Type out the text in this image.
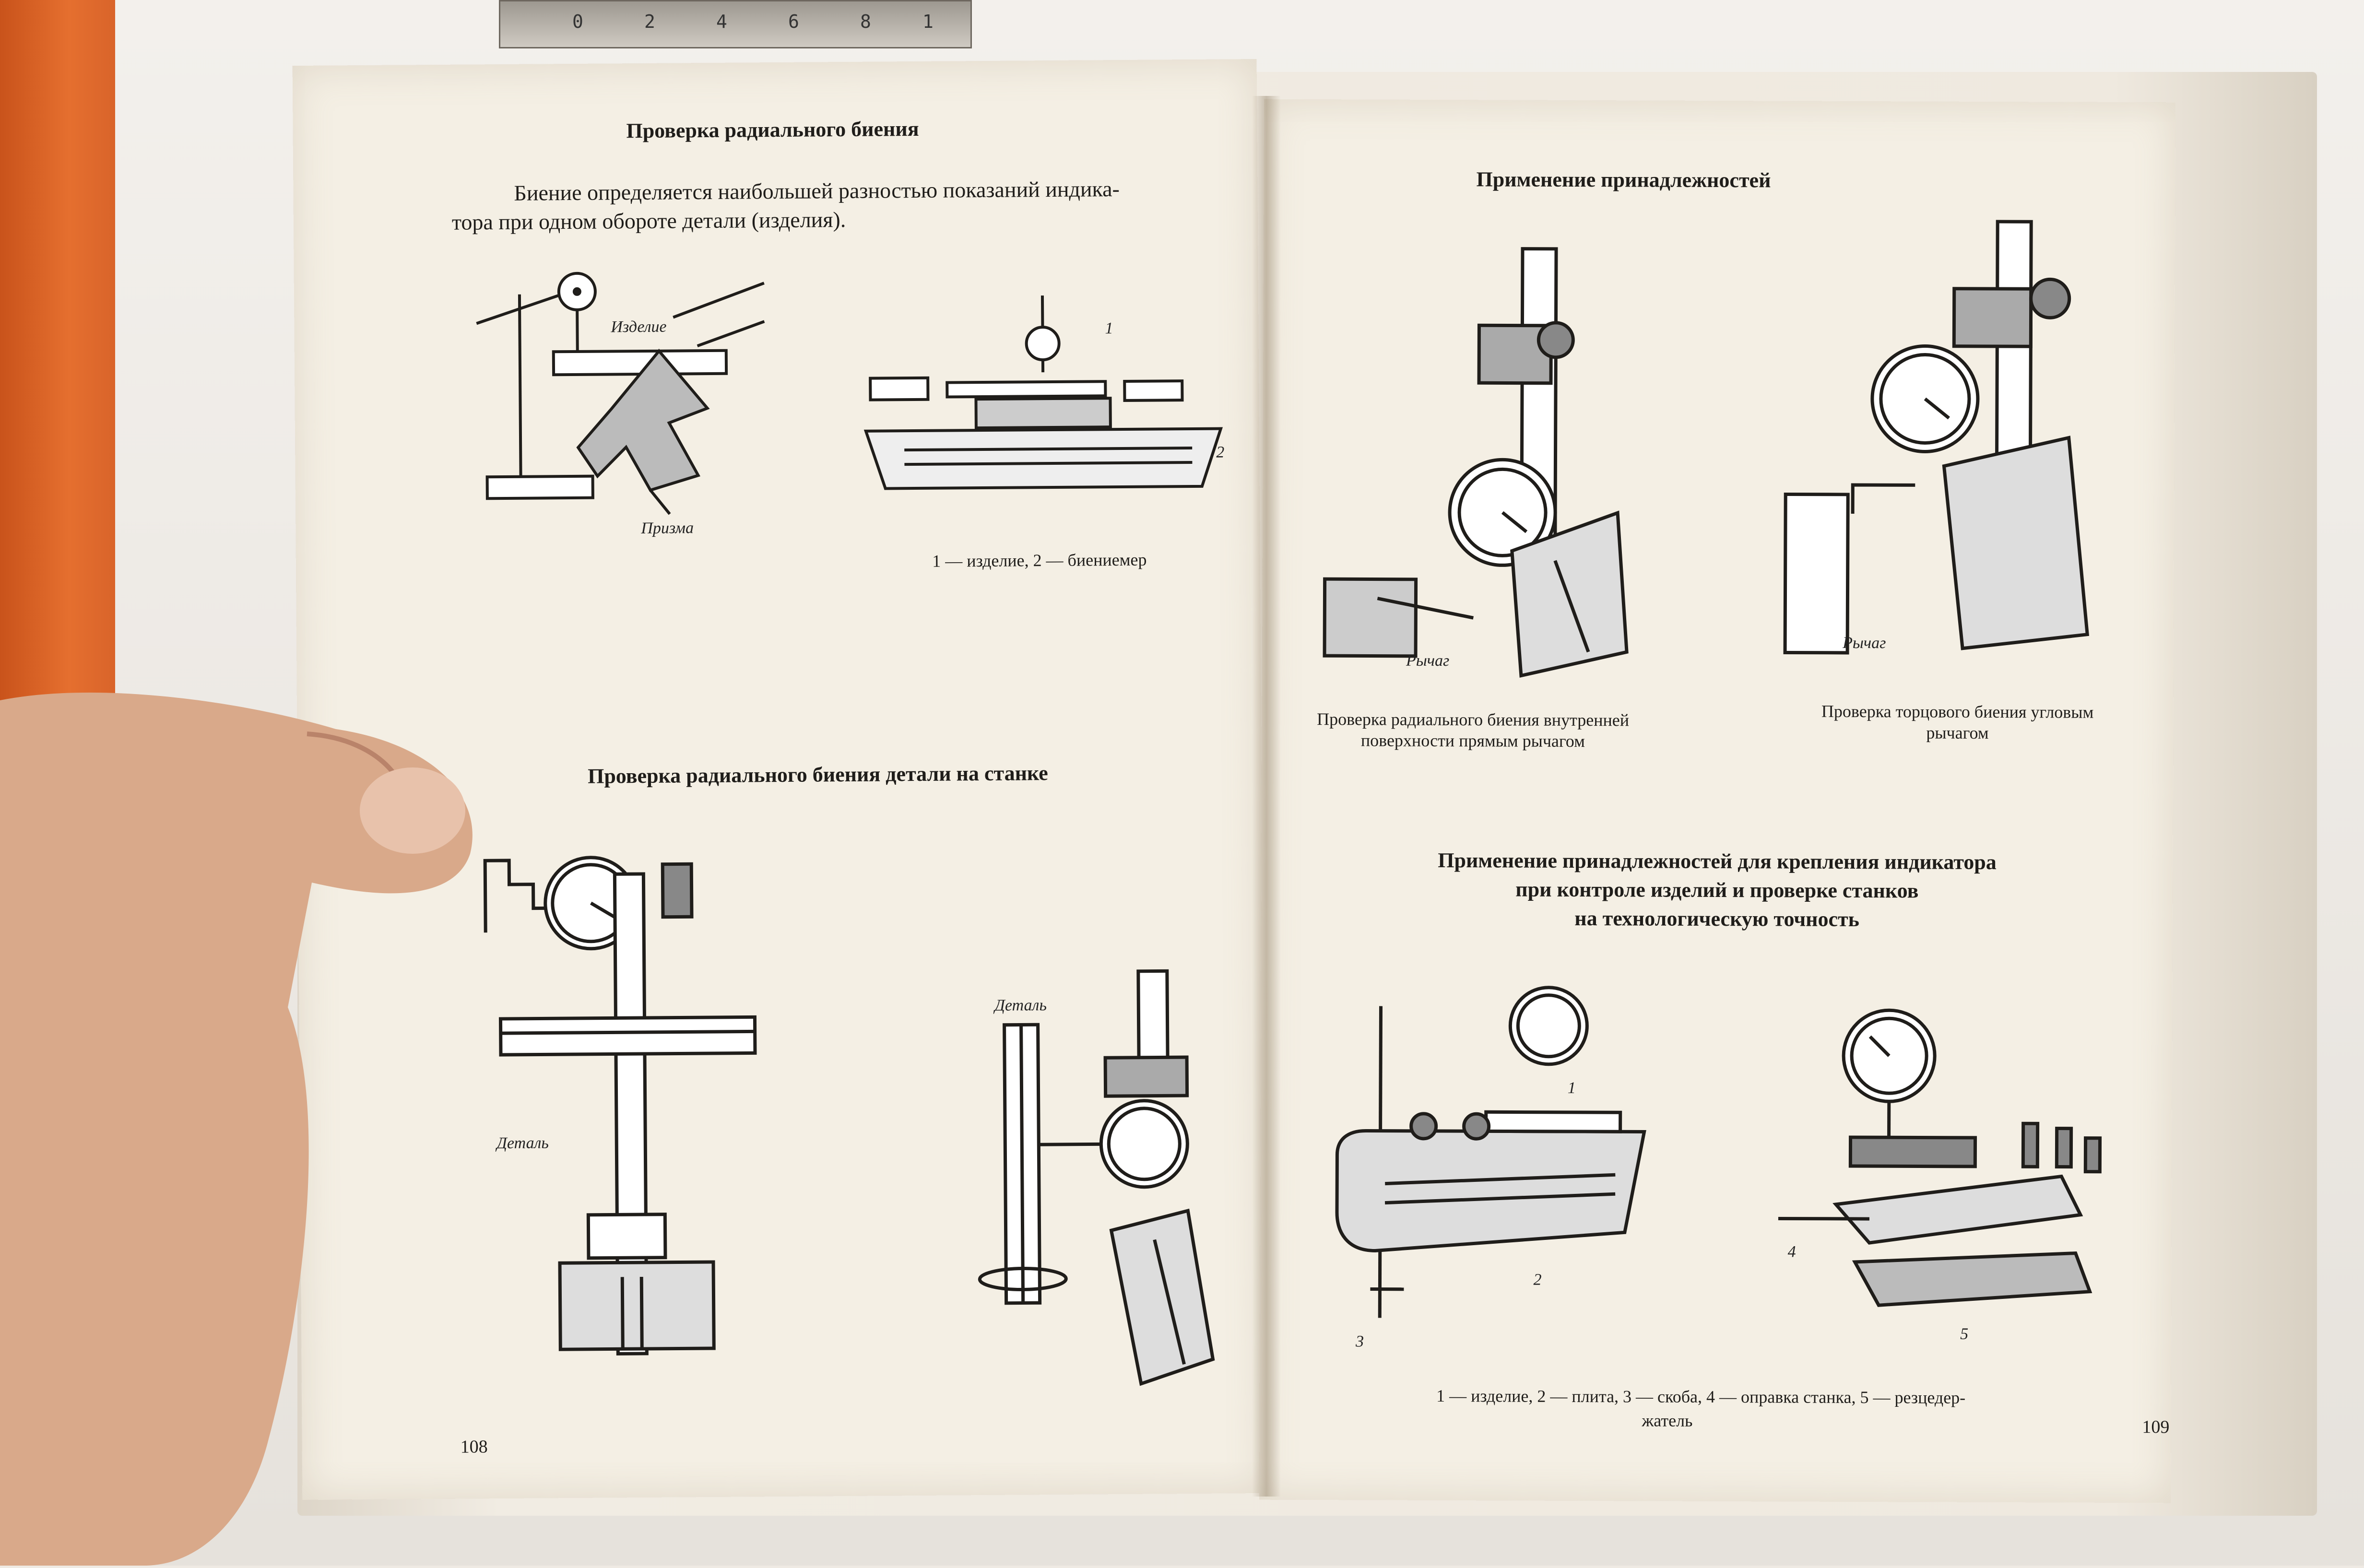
0	2	4	6	8	1
Проверка радиального биения
Биение определяется наибольшей разностью показаний индика-
тора при одном обороте детали (изделия).
Изделие
Призма
1
2
1 — изделие, 2 — биениемер
Проверка радиального биения детали на станке
Деталь
Деталь
108
Применение принадлежностей
Рычаг
Проверка радиального биения внутренней поверхности прямым рычагом
Рычаг
Проверка торцового биения угловым рычагом
Применение принадлежностей для крепления индикатора
при контроле изделий и проверке станков
на технологическую точность
1
2
3
4
5
1 — изделие, 2 — плита, 3 — скоба, 4 — оправка станка, 5 — резцедер-
жатель	109
